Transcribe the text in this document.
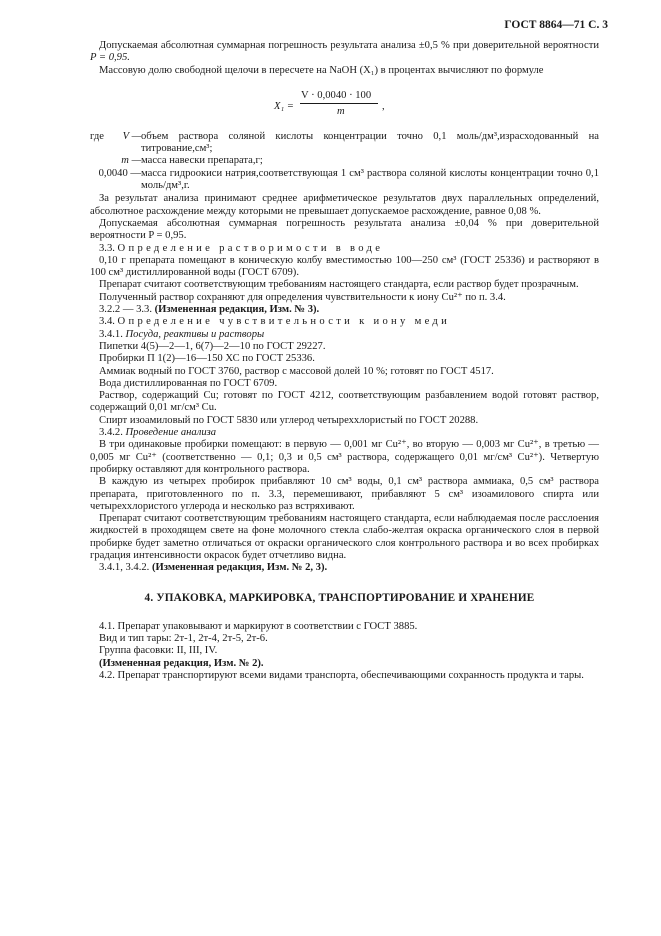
ГОСТ 8864—71 С. 3

Допускаемая абсолютная суммарная погрешность результата анализа ±0,5 % при доверительной вероятности P = 0,95.

Массовую долю свободной щелочи в пересчете на NaOH (X₁) в процентах вычисляют по формуле

X₁ =
V · 0,0040 · 100
m	,
где	V — объем раствора соляной кислоты концентрации точно 0,1 моль/дм³,израсходованный на титрование,см³;
m — масса навески препарата,г;
0,0040 — масса гидроокиси натрия,соответствующая 1 см³ раствора соляной кислоты концентрации точно 0,1 моль/дм³,г.

За результат анализа принимают среднее арифметическое результатов двух параллельных определений, абсолютное расхождение между которыми не превышает допускаемое расхождение, равное 0,08 %.

Допускаемая абсолютная суммарная погрешность результата анализа ±0,04 % при доверительной вероятности P = 0,95.

3.3. Определение растворимости в воде

0,10 г препарата помещают в коническую колбу вместимостью 100—250 см³ (ГОСТ 25336) и растворяют в 100 см³ дистиллированной воды (ГОСТ 6709).

Препарат считают соответствующим требованиям настоящего стандарта, если раствор будет прозрачным.

Полученный раствор сохраняют для определения чувствительности к иону Cu²⁺ по п. 3.4.

3.2.2 — 3.3. (Измененная редакция, Изм. № 3).

3.4. Определение чувствительности к иону меди

3.4.1. Посуда, реактивы и растворы

Пипетки 4(5)—2—1, 6(7)—2—10 по ГОСТ 29227.

Пробирки П 1(2)—16—150 ХС по ГОСТ 25336.

Аммиак водный по ГОСТ 3760, раствор с массовой долей 10 %; готовят по ГОСТ 4517.

Вода дистиллированная по ГОСТ 6709.

Раствор, содержащий Cu; готовят по ГОСТ 4212, соответствующим разбавлением водой готовят раствор, содержащий 0,01 мг/см³ Cu.

Спирт изоамиловый по ГОСТ 5830 или углерод четыреххлористый по ГОСТ 20288.

3.4.2. Проведение анализа

В три одинаковые пробирки помещают: в первую — 0,001 мг Cu²⁺, во вторую — 0,003 мг Cu²⁺, в третью — 0,005 мг Cu²⁺ (соответственно — 0,1; 0,3 и 0,5 см³ раствора, содержащего 0,01 мг/см³ Cu²⁺). Четвертую пробирку оставляют для контрольного раствора.

В каждую из четырех пробирок прибавляют 10 см³ воды, 0,1 см³ раствора аммиака, 0,5 см³ раствора препарата, приготовленного по п. 3.3, перемешивают, прибавляют 5 см³ изоамилового спирта или четыреххлористого углерода и несколько раз встряхивают.

Препарат считают соответствующим требованиям настоящего стандарта, если наблюдаемая после расслоения жидкостей в проходящем свете на фоне молочного стекла слабо-желтая окраска органического слоя в первой пробирке будет заметно отличаться от окраски органического слоя контрольного раствора и во всех пробирках градация интенсивности окрасок будет отчетливо видна.

3.4.1, 3.4.2. (Измененная редакция, Изм. № 2, 3).

4. УПАКОВКА, МАРКИРОВКА, ТРАНСПОРТИРОВАНИЕ И ХРАНЕНИЕ

4.1. Препарат упаковывают и маркируют в соответствии с ГОСТ 3885.

Вид и тип тары: 2т-1, 2т-4, 2т-5, 2т-6.

Группа фасовки: II, III, IV.

(Измененная редакция, Изм. № 2).

4.2. Препарат транспортируют всеми видами транспорта, обеспечивающими сохранность продукта и тары.
